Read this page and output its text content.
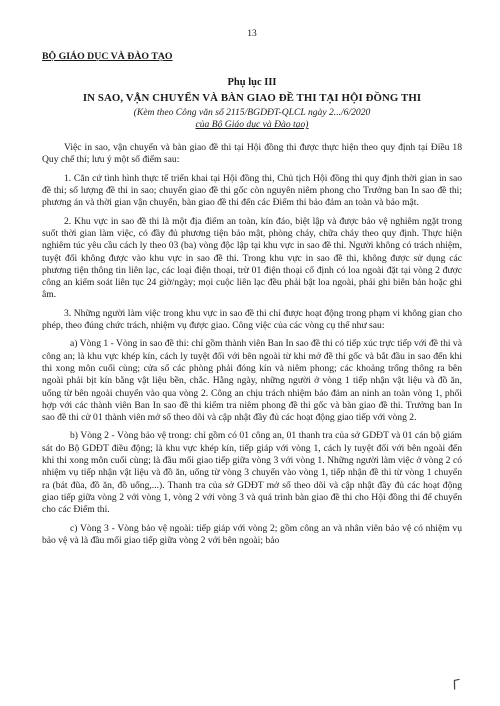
13
BỘ GIÁO DỤC VÀ ĐÀO TẠO
Phụ lục III
IN SAO, VẬN CHUYỂN VÀ BÀN GIAO ĐỀ THI TẠI HỘI ĐỒNG THI
(Kèm theo Công văn số 2115/BGDĐT-QLCL ngày 2.../6/2020
của Bộ Giáo dục và Đào tạo)

Việc in sao, vận chuyển và bàn giao đề thi tại Hội đồng thi được thực hiện theo quy định tại Điều 18 Quy chế thi; lưu ý một số điểm sau:

1. Căn cứ tình hình thực tế triển khai tại Hội đồng thi, Chủ tịch Hội đồng thi quy định thời gian in sao đề thi; số lượng đề thi in sao; chuyển giao đề thi gốc còn nguyên niêm phong cho Trưởng ban In sao đề thi; phương án và thời gian vận chuyển, bàn giao đề thi đến các Điểm thi bảo đảm an toàn và bảo mật.

2. Khu vực in sao đề thi là một địa điểm an toàn, kín đáo, biệt lập và được bảo vệ nghiêm ngặt trong suốt thời gian làm việc, có đầy đủ phương tiện bảo mật, phòng cháy, chữa cháy theo quy định. Thực hiện nghiêm túc yêu cầu cách ly theo 03 (ba) vòng độc lập tại khu vực in sao đề thi. Người không có trách nhiệm, tuyệt đối không được vào khu vực in sao đề thi. Trong khu vực in sao đề thi, không được sử dụng các phương tiện thông tin liên lạc, các loại điện thoại, trừ 01 điện thoại cố định có loa ngoài đặt tại vòng 2 được công an kiểm soát liên tục 24 giờ/ngày; mọi cuộc liên lạc đều phải bật loa ngoài, phải ghi biên bản hoặc ghi âm.

3. Những người làm việc trong khu vực in sao đề thi chỉ được hoạt động trong phạm vi không gian cho phép, theo đúng chức trách, nhiệm vụ được giao. Công việc của các vòng cụ thể như sau:

a) Vòng 1 - Vòng in sao đề thi: chỉ gồm thành viên Ban In sao đề thi có tiếp xúc trực tiếp với đề thi và công an; là khu vực khép kín, cách ly tuyệt đối với bên ngoài từ khi mở đề thi gốc và bắt đầu in sao đến khi thi xong môn cuối cùng; cửa sổ các phòng phải đóng kín và niêm phong; các khoảng trống thông ra bên ngoài phải bịt kín bằng vật liệu bền, chắc. Hằng ngày, những người ở vòng 1 tiếp nhận vật liệu và đồ ăn, uống từ bên ngoài chuyển vào qua vòng 2. Công an chịu trách nhiệm bảo đảm an ninh an toàn vòng 1, phối hợp với các thành viên Ban In sao đề thi kiểm tra niêm phong đề thi gốc và bàn giao đề thi. Trưởng ban In sao đề thi cử 01 thành viên mở sổ theo dõi và cập nhật đầy đủ các hoạt động giao tiếp với vòng 2.

b) Vòng 2 - Vòng bảo vệ trong: chỉ gồm có 01 công an, 01 thanh tra của sở GDĐT và 01 cán bộ giám sát do Bộ GDĐT điều động; là khu vực khép kín, tiếp giáp với vòng 1, cách ly tuyệt đối với bên ngoài đến khi thi xong môn cuối cùng; là đầu mối giao tiếp giữa vòng 3 với vòng 1. Những người làm việc ở vòng 2 có nhiệm vụ tiếp nhận vật liệu và đồ ăn, uống từ vòng 3 chuyển vào vòng 1, tiếp nhận đề thi từ vòng 1 chuyển ra (bát đũa, đồ ăn, đồ uống,...). Thanh tra của sở GDĐT mở sổ theo dõi và cập nhật đầy đủ các hoạt động giao tiếp giữa vòng 2 với vòng 1, vòng 2 với vòng 3 và quá trình bàn giao đề thi cho Hội đồng thi để chuyển cho các Điểm thi.

c) Vòng 3 - Vòng bảo vệ ngoài: tiếp giáp với vòng 2; gồm công an và nhân viên bảo vệ có nhiệm vụ bảo vệ và là đầu mối giao tiếp giữa vòng 2 với bên ngoài; bảo

Γ
